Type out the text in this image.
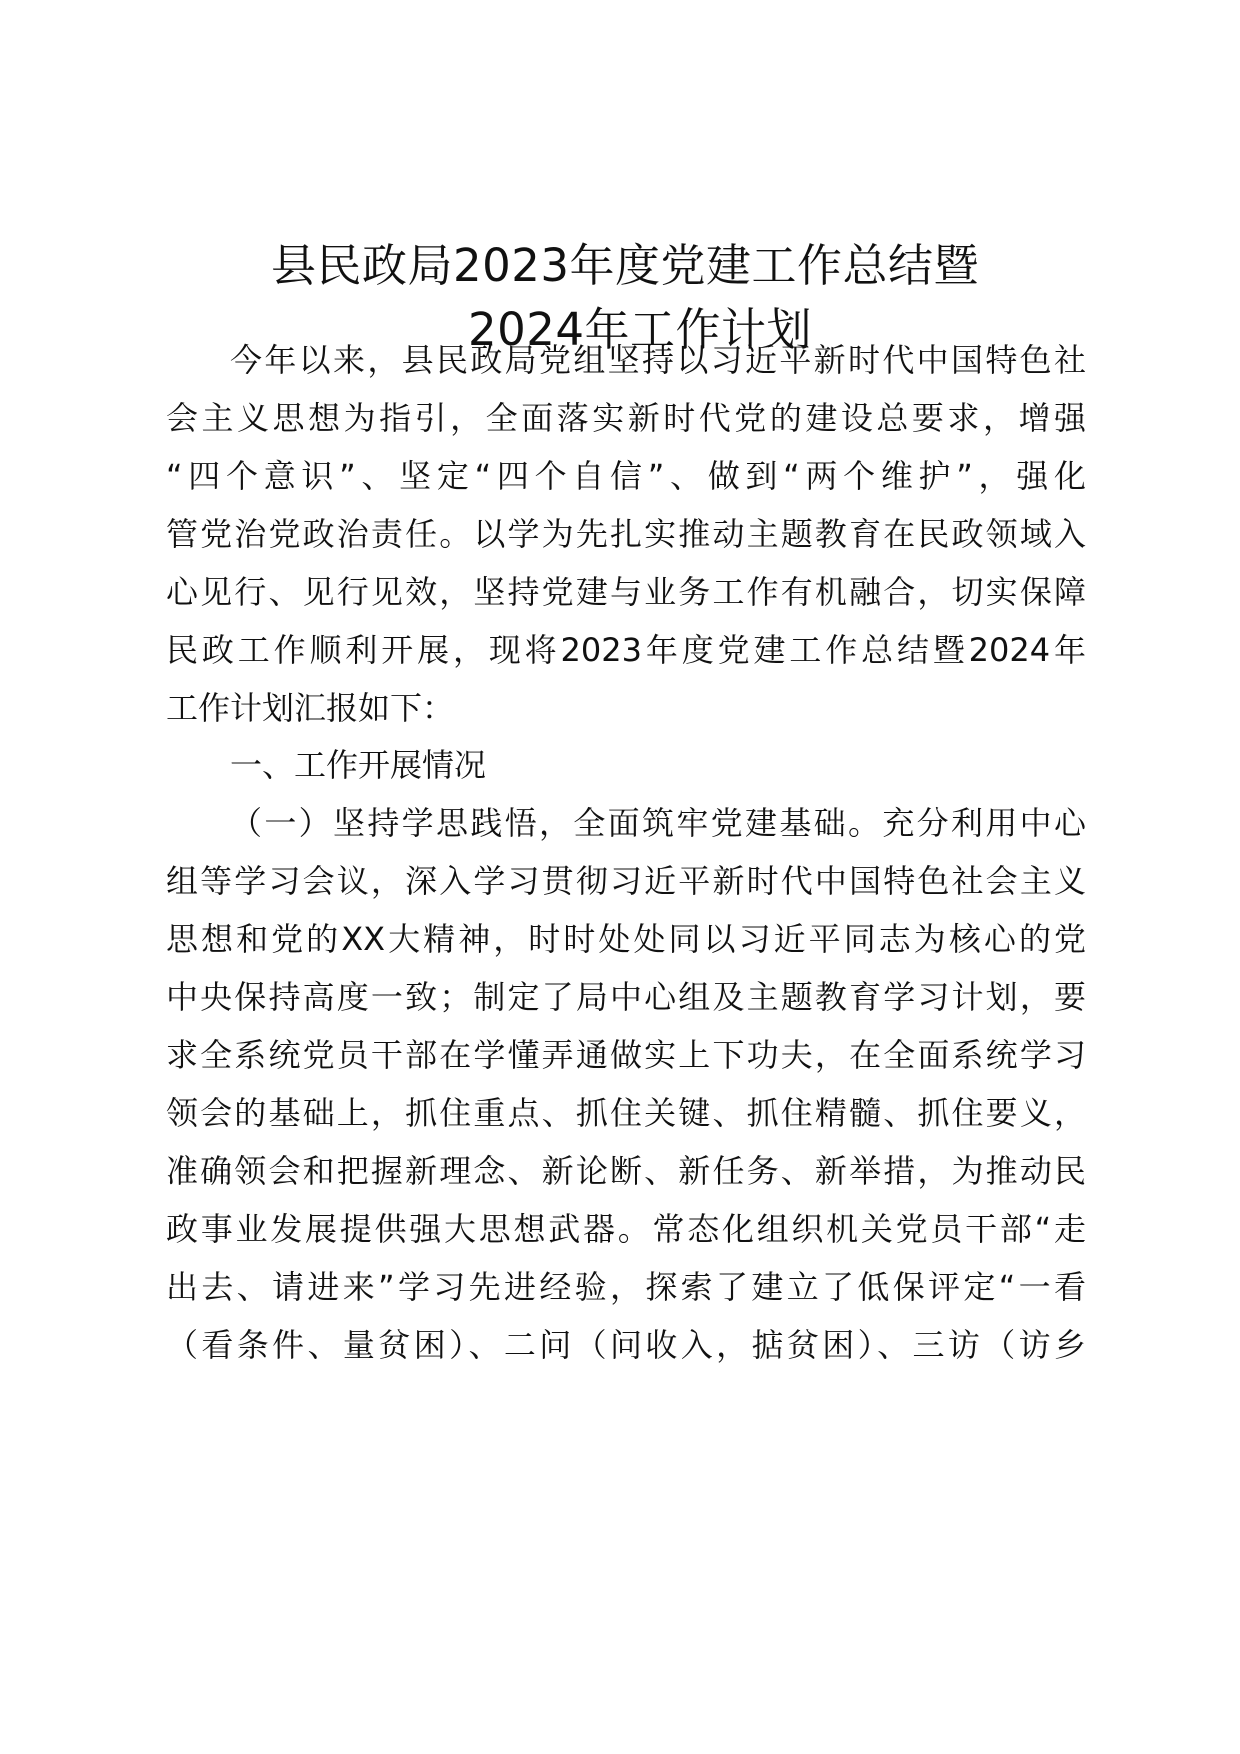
县民政局2023年度党建工作总结暨
2024年工作计划
今年以来，县民政局党组坚持以习近平新时代中国特色社
会主义思想为指引，全面落实新时代党的建设总要求，增强
“四个意识”、坚定“四个自信”、做到“两个维护”，强化
管党治党政治责任。以学为先扎实推动主题教育在民政领域入
心见行、见行见效，坚持党建与业务工作有机融合，切实保障
民政工作顺利开展，现将2023年度党建工作总结暨2024年
工作计划汇报如下：
一、工作开展情况
（一）坚持学思践悟，全面筑牢党建基础。充分利用中心
组等学习会议，深入学习贯彻习近平新时代中国特色社会主义
思想和党的XX大精神，时时处处同以习近平同志为核心的党
中央保持高度一致；制定了局中心组及主题教育学习计划，要
求全系统党员干部在学懂弄通做实上下功夫，在全面系统学习
领会的基础上，抓住重点、抓住关键、抓住精髓、抓住要义，
准确领会和把握新理念、新论断、新任务、新举措，为推动民
政事业发展提供强大思想武器。常态化组织机关党员干部“走
出去、请进来”学习先进经验，探索了建立了低保评定“一看
（看条件、量贫困）、二问（问收入，掂贫困）、三访（访乡
